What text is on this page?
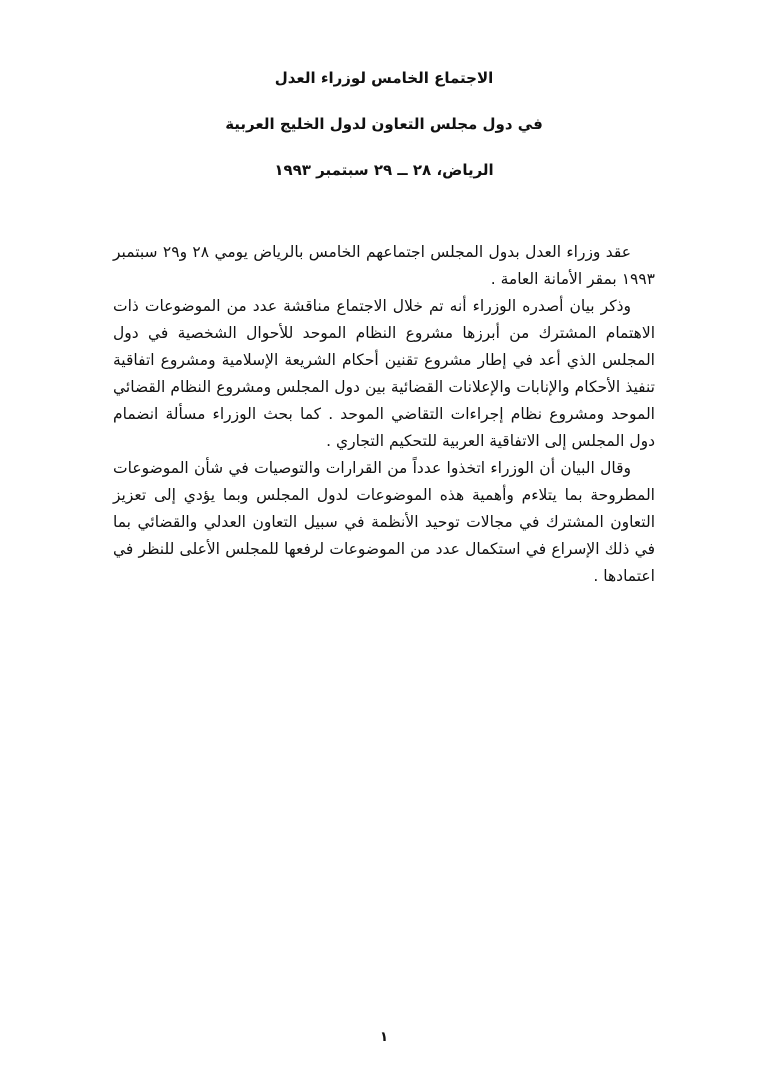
الاجتماع الخامس لوزراء العدل
في دول مجلس التعاون لدول الخليج العربية
الرياض، ٢٨ ــ ٢٩ سبتمبر ١٩٩٣

عقد وزراء العدل بدول المجلس اجتماعهم الخامس بالرياض يومي ٢٨ و٢٩ سبتمبر ١٩٩٣ بمقر الأمانة العامة .

وذكر بيان أصدره الوزراء أنه تم خلال الاجتماع مناقشة عدد من الموضوعات ذات الاهتمام المشترك من أبرزها مشروع النظام الموحد للأحوال الشخصية في دول المجلس الذي أعد في إطار مشروع تقنين أحكام الشريعة الإسلامية ومشروع اتفاقية تنفيذ الأحكام والإنابات والإعلانات القضائية بين دول المجلس ومشروع النظام القضائي الموحد ومشروع نظام إجراءات التقاضي الموحد . كما بحث الوزراء مسألة انضمام دول المجلس إلى الاتفاقية العربية للتحكيم التجاري .

وقال البيان أن الوزراء اتخذوا عدداً من القرارات والتوصيات في شأن الموضوعات المطروحة بما يتلاءم وأهمية هذه الموضوعات لدول المجلس وبما يؤدي إلى تعزيز التعاون المشترك في مجالات توحيد الأنظمة في سبيل التعاون العدلي والقضائي بما في ذلك الإسراع في استكمال عدد من الموضوعات لرفعها للمجلس الأعلى للنظر في اعتمادها .

١
